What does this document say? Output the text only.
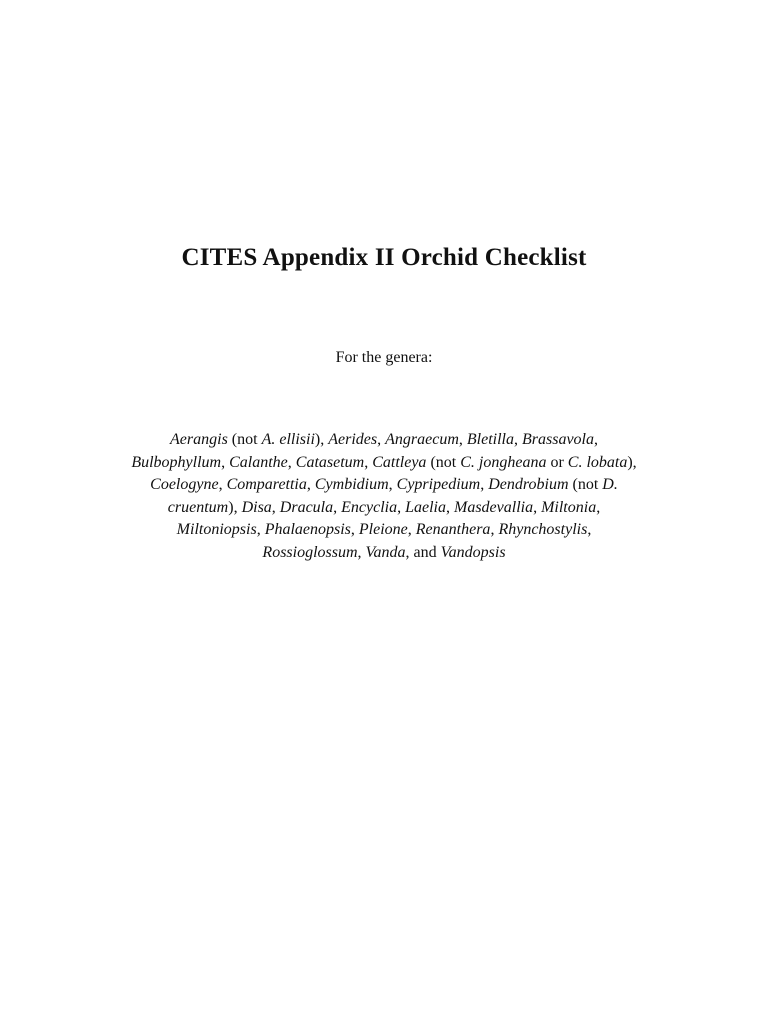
CITES Appendix II Orchid Checklist

For the genera:

Aerangis (not A. ellisii), Aerides, Angraecum, Bletilla, Brassavola,
Bulbophyllum, Calanthe, Catasetum, Cattleya (not C. jongheana or C. lobata),
Coelogyne, Comparettia, Cymbidium, Cypripedium, Dendrobium (not D.
cruentum), Disa, Dracula, Encyclia, Laelia, Masdevallia, Miltonia,
Miltoniopsis, Phalaenopsis, Pleione, Renanthera, Rhynchostylis,
Rossioglossum, Vanda, and Vandopsis
